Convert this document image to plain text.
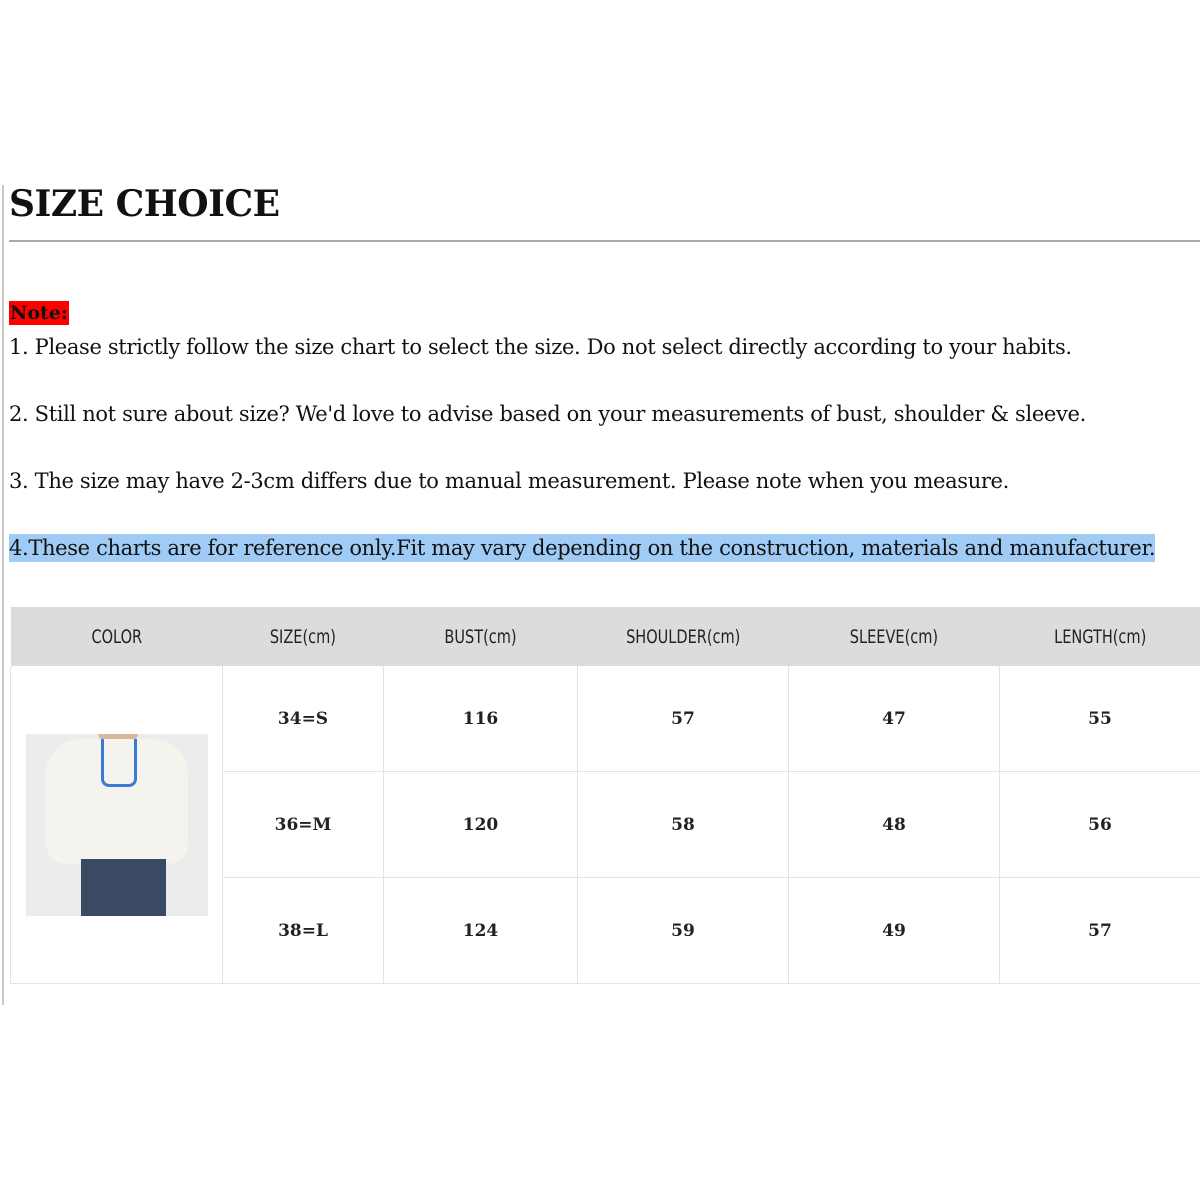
SIZE CHOICE
Note:
1. Please strictly follow the size chart to select the size. Do not select directly according to your habits.
2. Still not sure about size? We'd love to advise based on your measurements of bust, shoulder & sleeve.
3. The size may have 2-3cm differs due to manual measurement. Please note when you measure.
4.These charts are for reference only.Fit may vary depending on the construction, materials and manufacturer.
COLOR	SIZE(cm)	BUST(cm)	SHOULDER(cm)	SLEEVE(cm)	LENGTH(cm)

	34=S	116	57	47	55
	36=M	120	58	48	56
	38=L	124	59	49	57
